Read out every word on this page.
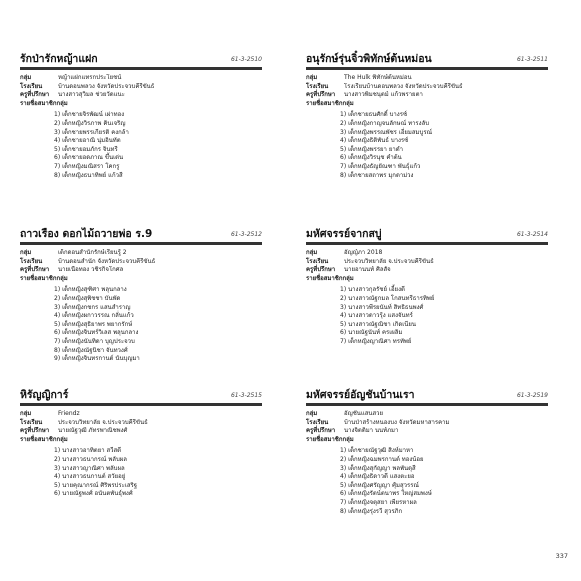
รักป่ารักหญ้าแฝก	61-3-2510
กลุ่ม	หญ้าแฝกแทรกประโยชน์
โรงเรียน	บ้านดอนพลวง จังหวัดประจวบคีรีขันธ์
ครูที่ปรึกษา	นางสาวสุวิมล ช่วยวัดแนะ
รายชื่อสมาชิกกลุ่ม
1) เด็กชายจิรพัฒน์ เผ่าทอง
2) เด็กหญิงวิรภาพ คินเจริญ
3) เด็กชายพรรเกียรติ คงกล้า
4) เด็กชายอาณิ นุ่มอินทัต
5) เด็กชายอมภักร จินทรี
6) เด็กชายอดภาณ ขึ้นเด่น
7) เด็กหญิงมณิสรา โคกรู
8) เด็กหญิงธนาทิพย์ แก้วสี
อนุรักษ์รุ่นจิ๋วพิทักษ์ต้นหม่อน	61-3-2511
กลุ่ม	The Hulk พิทักษ์ต้นหม่อน
โรงเรียน	โรงเรียนบ้านดอนพลวง จังหวัดประจวบคีรีขันธ์
ครูที่ปรึกษา	นางสาวพิมชนุตม์ แก้วพรายตา
รายชื่อสมาชิกกลุ่ม
1) เด็กชายธนศักดิ์ บางรซ์
2) เด็กหญิงกาญจนลักษณ์ ทารงลับ
3) เด็กหญิงพรรณพัชร เอี่ยมสมบูรณ์
4) เด็กหญิงธิติพันธ์ บางรซ์
5) เด็กหญิงพรรยา ยาดำ
6) เด็กหญิงวิรนุช คำต้น
7) เด็กหญิงธัญยัณฑา พันธุ์แก้ว
8) เด็กชายสถาพร มุกดาม่วง
ถาวเรือง ดอกไม้ถวายพ่อ ร.9	61-3-2512
กลุ่ม	เด็กดอนสำนักรักษ์เรียนรู้ 2
โรงเรียน	บ้านดอนสำนัก จังหวัดประจวบคีรีขันธ์
ครูที่ปรึกษา	นายเนื้อทอง วชิรกิจโกศล
รายชื่อสมาชิกกลุ่ม
1) เด็กหญิงสุฑิศา พลุนกลาง
2) เด็กหญิงสุพิชชา บันพัด
3) เด็กหญิงกชกร แสนสำราญ
4) เด็กหญิงผกาวรรณ กลั่นแก้ว
5) เด็กหญิงสุธิยาพร พยากรักษ์
6) เด็กหญิงจินทร์วิเลส พลุนกลาง
7) เด็กหญิงนันทิดา บุญประจวบ
8) เด็กหญิงณัฐนิชา จันทวงศ์
9) เด็กหญิงจินทรกานต์ นันบุญมา
มหัศจรรย์จากสบู่	61-3-2514
กลุ่ม	อัญญ์ภา 2018
โรงเรียน	ประจวบวิทยาลัย จ.ประจวบคีรีขันธ์
ครูที่ปรึกษา	นายอานนท์ ศิลสัจ
รายชื่อสมาชิกกลุ่ม
1) นางสาวกุลรัชย์ เอี้ยงดี
2) นางสาวณัฐกมล โกสนทรีธารทิพย์
3) นางสาวพีรยนันท์ สิทธิธนพงศ์
4) นางสาวดาวรุ้ง แสงจันทร์
5) นางสาวณัฐณิชา เกิดเนียน
6) นายณัฐนันท์ ครเผลิม
7) เด็กหญิงญาณิศา ทรทัพย์
หิรัญญิการ์	61-3-2515
กลุ่ม	Friendz
โรงเรียน	ประจวบวิทยาลัย จ.ประจวบคีรีขันธ์
ครูที่ปรึกษา	นายณัฐวุฒิ์ ภัทรพาณิชพงศ์
รายชื่อสมาชิกกลุ่ม
1) นางสาวอาทิตยา สวีสดี
2) นางสาวธนากรณ์ พลับผล
3) นางสาวญาณิศา พลับผล
4) นางสาวธนกานต์ สวัยอยู่
5) นายคุณากรณ์ ศิริพรประเสริฐ
6) นายณัฐพงศ์ อนันตพันธุ์พงศ์
มหัศจรรย์อัญชันบ้านเรา	61-3-2519
กลุ่ม	อัญชันแสนสวย
โรงเรียน	บ้านป่าสร้างหนองบง จังหวัดมหาสารคาม
ครูที่ปรึกษา	นางจิตติมา นนท์ภมา
รายชื่อสมาชิกกลุ่ม
1) เด็กชายณัฐวุฒิ สิงห์มาหา
2) เด็กหญิงฉมพรกานต์ ทองน้อย
3) เด็กหญิงสุกัญญา พลพันดุสี
4) เด็กหญิงธิดาวดี แสงตะยอ
5) เด็กหญิงศรัญญา ศุ้มสุวรรณ์
6) เด็กหญิงรัตน์ตนาพร ใหญ่สมพงษ์
7) เด็กหญิงจตุสยา เพียรหาผล
8) เด็กหญิงรุ่งรวี สุวรภิก
337
